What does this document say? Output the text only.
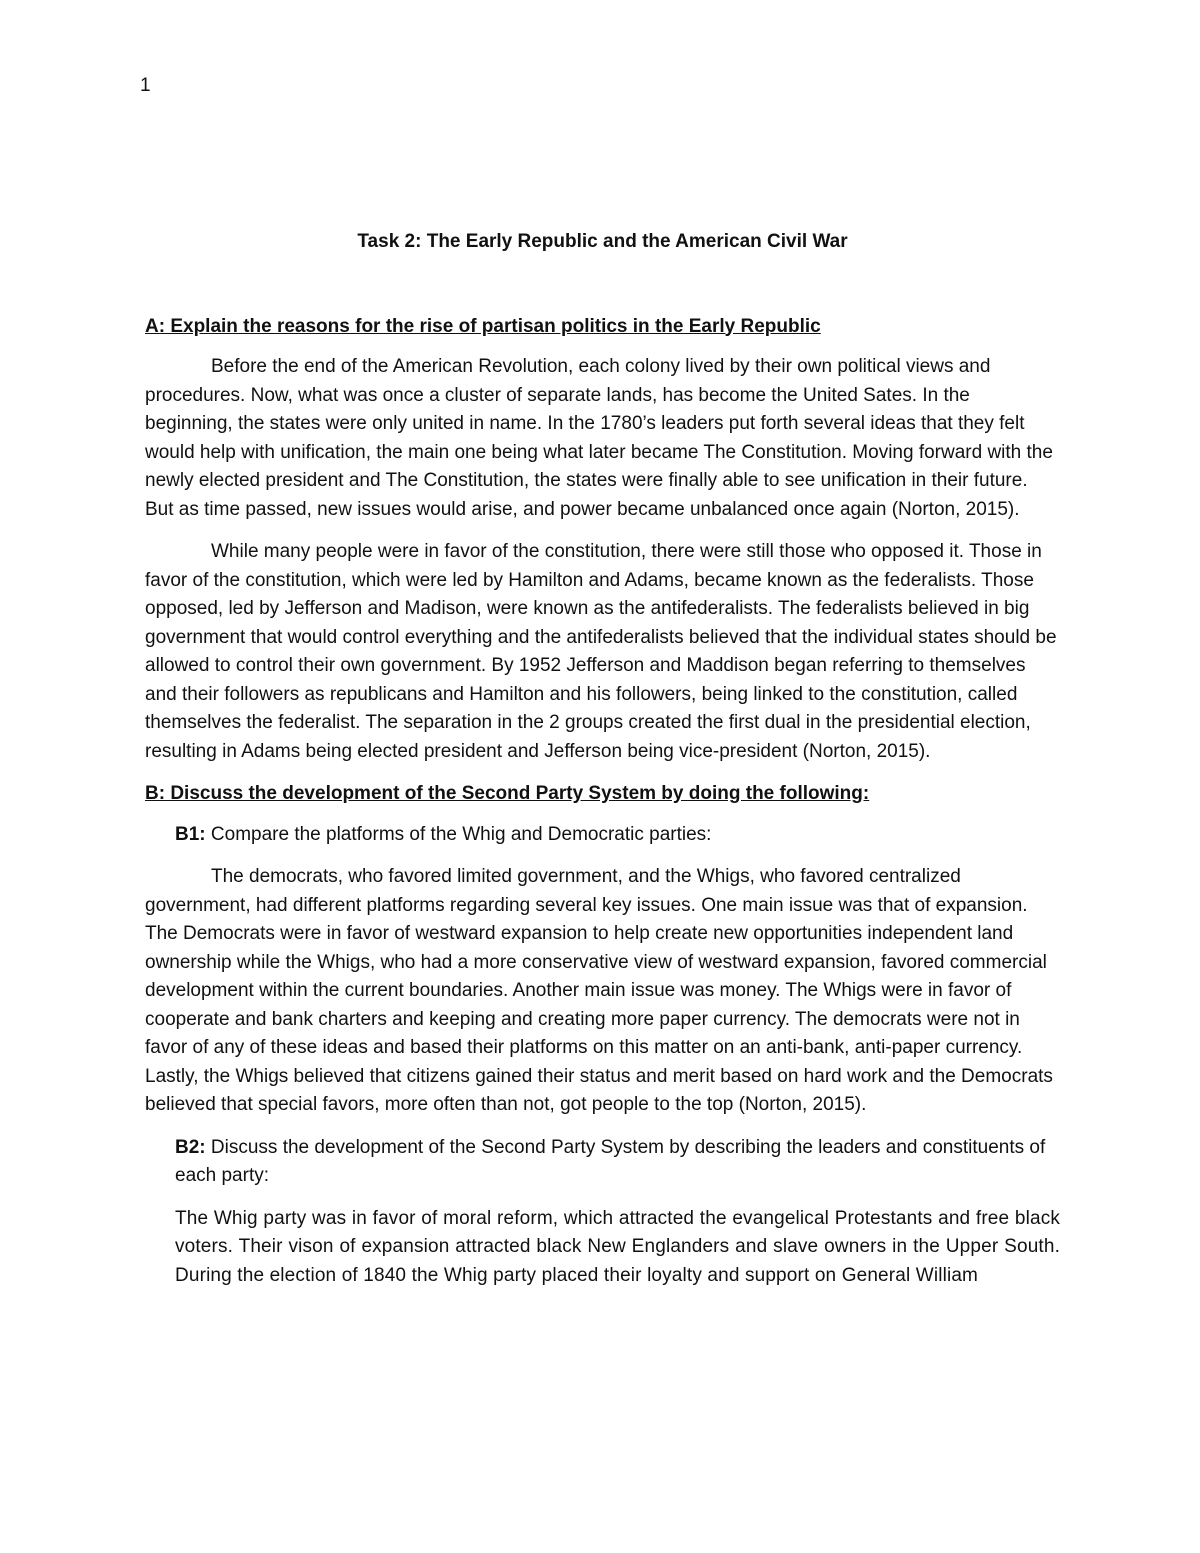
1
Task 2: The Early Republic and the American Civil War
A: Explain the reasons for the rise of partisan politics in the Early Republic

Before the end of the American Revolution, each colony lived by their own political views and procedures. Now, what was once a cluster of separate lands, has become the United Sates. In the beginning, the states were only united in name. In the 1780’s leaders put forth several ideas that they felt would help with unification, the main one being what later became The Constitution. Moving forward with the newly elected president and The Constitution, the states were finally able to see unification in their future. But as time passed, new issues would arise, and power became unbalanced once again (Norton, 2015).

While many people were in favor of the constitution, there were still those who opposed it. Those in favor of the constitution, which were led by Hamilton and Adams, became known as the federalists. Those opposed, led by Jefferson and Madison, were known as the antifederalists. The federalists believed in big government that would control everything and the antifederalists believed that the individual states should be allowed to control their own government. By 1952 Jefferson and Maddison began referring to themselves and their followers as republicans and Hamilton and his followers, being linked to the constitution, called themselves the federalist. The separation in the 2 groups created the first dual in the presidential election, resulting in Adams being elected president and Jefferson being vice-president (Norton, 2015).

B: Discuss the development of the Second Party System by doing the following:

B1: Compare the platforms of the Whig and Democratic parties:

The democrats, who favored limited government, and the Whigs, who favored centralized government, had different platforms regarding several key issues. One main issue was that of expansion. The Democrats were in favor of westward expansion to help create new opportunities independent land ownership while the Whigs, who had a more conservative view of westward expansion, favored commercial development within the current boundaries. Another main issue was money. The Whigs were in favor of cooperate and bank charters and keeping and creating more paper currency. The democrats were not in favor of any of these ideas and based their platforms on this matter on an anti-bank, anti-paper currency. Lastly, the Whigs believed that citizens gained their status and merit based on hard work and the Democrats believed that special favors, more often than not, got people to the top (Norton, 2015).

B2: Discuss the development of the Second Party System by describing the leaders and constituents of each party:

The Whig party was in favor of moral reform, which attracted the evangelical Protestants and free black voters. Their vison of expansion attracted black New Englanders and slave owners in the Upper South. During the election of 1840 the Whig party placed their loyalty and support on General William
